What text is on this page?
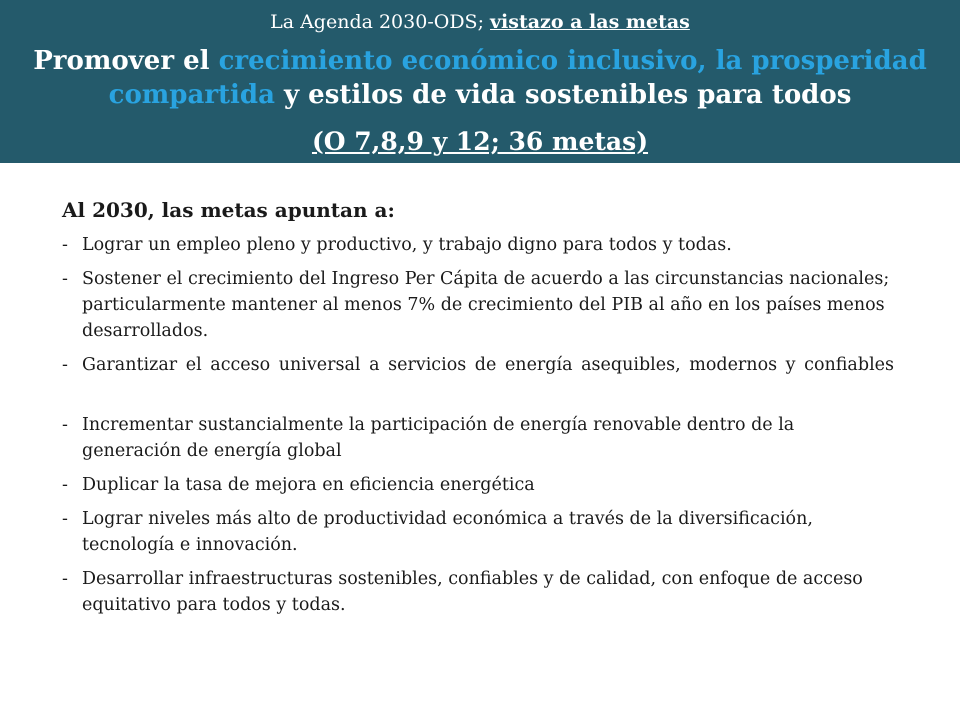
La Agenda 2030-ODS; vistazo a las metas
Promover el crecimiento económico inclusivo, la prosperidad compartida y estilos de vida sostenibles para todos
(O 7,8,9 y 12; 36 metas)
Al 2030, las metas apuntan a:
- Lograr un empleo pleno y productivo, y trabajo digno para todos y todas.
- Sostener el crecimiento del Ingreso Per Cápita de acuerdo a las circunstancias nacionales; particularmente mantener al menos 7% de crecimiento del PIB al año en los países menos desarrollados.
- Garantizar el acceso universal a servicios de energía asequibles, modernos y confiables
- Incrementar sustancialmente la participación de energía renovable dentro de la generación de energía global
- Duplicar la tasa de mejora en eficiencia energética
- Lograr niveles más alto de productividad económica a través de la diversificación, tecnología e innovación.
- Desarrollar infraestructuras sostenibles, confiables y de calidad, con enfoque de acceso equitativo para todos y todas.
